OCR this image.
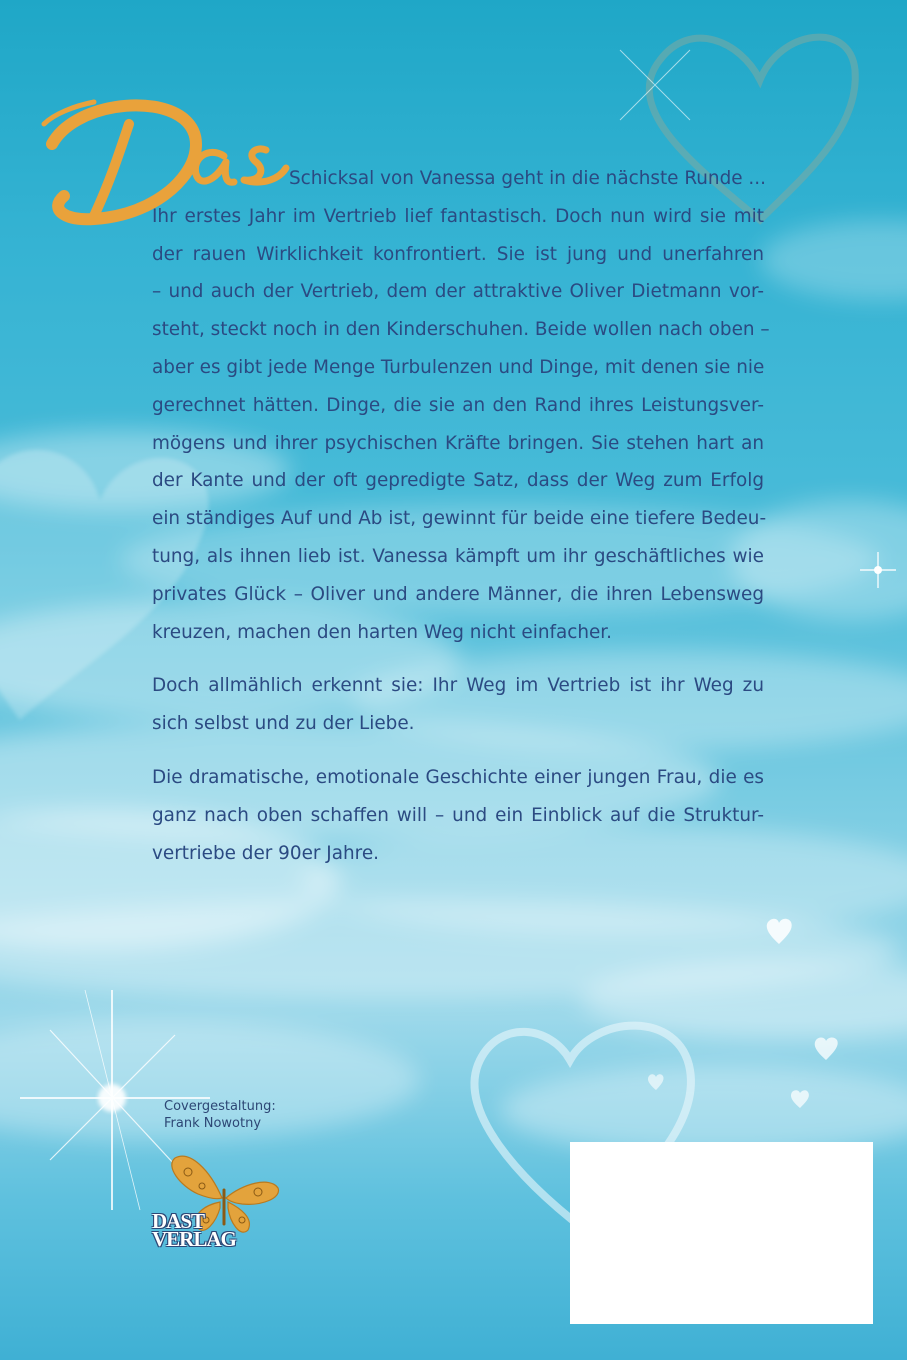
Schicksal von Vanessa geht in die nächste Runde ...
Ihr erstes Jahr im Vertrieb lief fantastisch. Doch nun wird sie mit
der rauen Wirklichkeit konfrontiert. Sie ist jung und unerfahren
– und auch der Vertrieb, dem der attraktive Oliver Dietmann vor-
steht, steckt noch in den Kinderschuhen. Beide wollen nach oben –
aber es gibt jede Menge Turbulenzen und Dinge, mit denen sie nie
gerechnet hätten. Dinge, die sie an den Rand ihres Leistungsver-
mögens und ihrer psychischen Kräfte bringen. Sie stehen hart an
der Kante und der oft gepredigte Satz, dass der Weg zum Erfolg
ein ständiges Auf und Ab ist, gewinnt für beide eine tiefere Bedeu-
tung, als ihnen lieb ist. Vanessa kämpft um ihr geschäftliches wie
privates Glück – Oliver und andere Männer, die ihren Lebensweg
kreuzen, machen den harten Weg nicht einfacher.

Doch allmählich erkennt sie: Ihr Weg im Vertrieb ist ihr Weg zu
sich selbst und zu der Liebe.

Die dramatische, emotionale Geschichte einer jungen Frau, die es
ganz nach oben schaffen will – und ein Einblick auf die Struktur-
vertriebe der 90er Jahre.

Covergestaltung:
Frank Nowotny
DAST
VERLAG
